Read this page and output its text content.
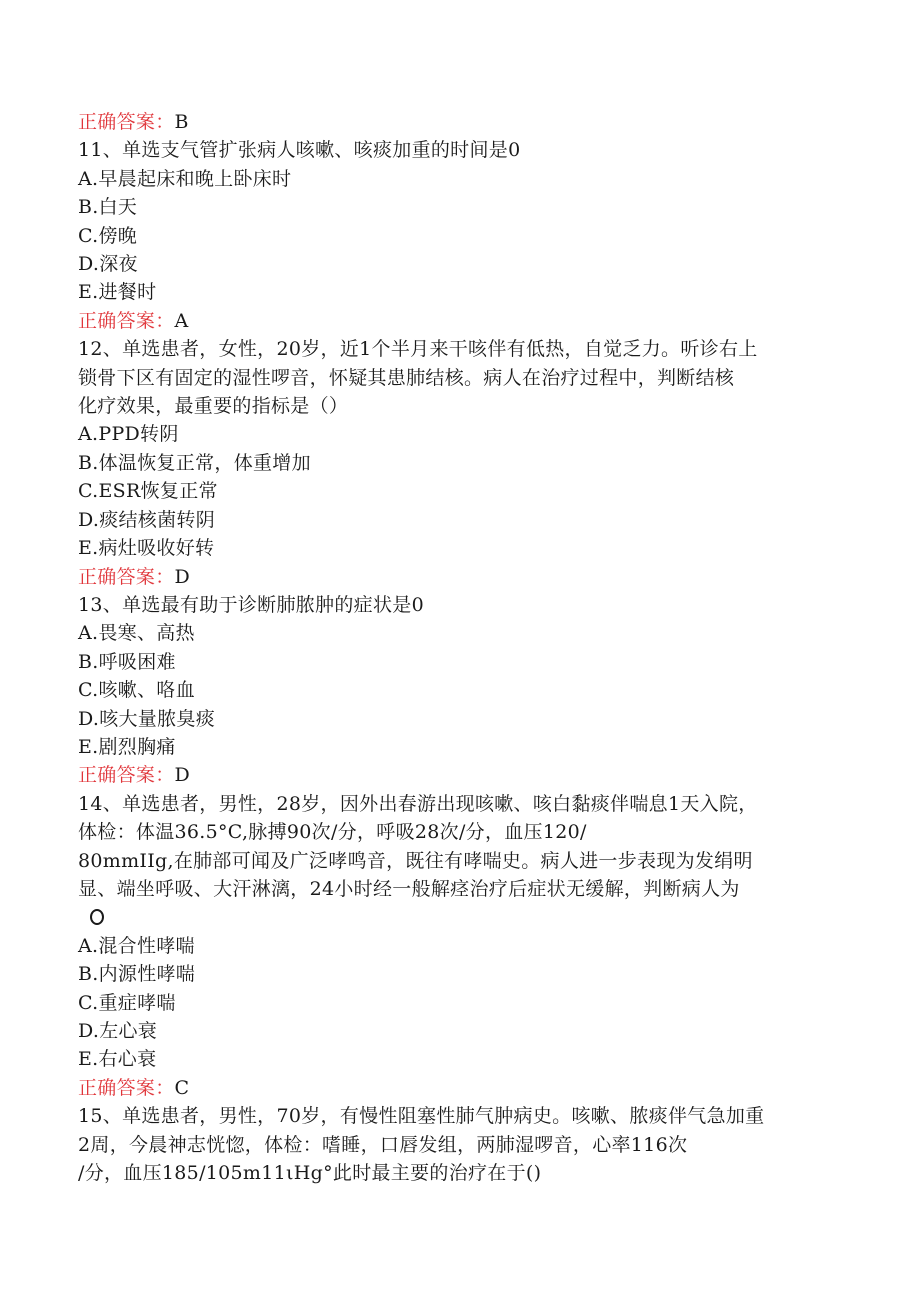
正确答案：B
11、单选支气管扩张病人咳嗽、咳痰加重的时间是0
A.早晨起床和晚上卧床时
B.白天
C.傍晚
D.深夜
E.进餐时
正确答案：A
12、单选患者，女性，20岁，近1个半月来干咳伴有低热，自觉乏力。听诊右上
锁骨下区有固定的湿性啰音，怀疑其患肺结核。病人在治疗过程中，判断结核
化疗效果，最重要的指标是（）
A.PPD转阴
B.体温恢复正常，体重增加
C.ESR恢复正常
D.痰结核菌转阴
E.病灶吸收好转
正确答案：D
13、单选最有助于诊断肺脓肿的症状是0
A.畏寒、高热
B.呼吸困难
C.咳嗽、咯血
D.咳大量脓臭痰
E.剧烈胸痛
正确答案：D
14、单选患者，男性，28岁，因外出春游出现咳嗽、咳白黏痰伴喘息1天入院，
体检：体温36.5°C,脉搏90次/分，呼吸28次/分，血压120/
80mmIIg,在肺部可闻及广泛哮鸣音，既往有哮喘史。病人进一步表现为发绢明
显、端坐呼吸、大汗淋漓，24小时经一般解痉治疗后症状无缓解，判断病人为
A.混合性哮喘
B.内源性哮喘
C.重症哮喘
D.左心衰
E.右心衰
正确答案：C
15、单选患者，男性，70岁，有慢性阻塞性肺气肿病史。咳嗽、脓痰伴气急加重
2周，今晨神志恍惚，体检：嗜睡，口唇发组，两肺湿啰音，心率116次
/分，血压185/105m11ιHg°此时最主要的治疗在于()
